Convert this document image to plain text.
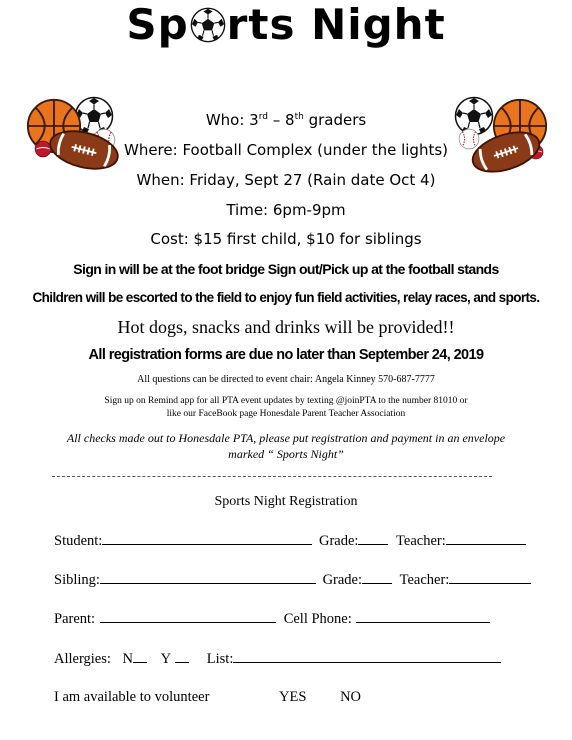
Sp rts Night
Who: 3rd – 8th graders
Where: Football Complex (under the lights)
When: Friday, Sept 27 (Rain date Oct 4)
Time: 6pm-9pm
Cost: $15 first child, $10 for siblings
Sign in will be at the foot bridge Sign out/Pick up at the football stands
Children will be escorted to the field to enjoy fun field activities, relay races, and sports.
Hot dogs, snacks and drinks will be provided!!
All registration forms are due no later than September 24, 2019
All questions can be directed to event chair: Angela Kinney 570-687-7777
Sign up on Remind app for all PTA event updates by texting @joinPTA to the number 81010 or
like our FaceBook page Honesdale Parent Teacher Association
All checks made out to Honesdale PTA, please put registration and payment in an envelope
marked “ Sports Night”
Sports Night Registration
Student:	Grade:	Teacher:
Sibling:	Grade:	Teacher:
Parent:	Cell Phone:
Allergies: N Y List:
I am available to volunteer	YES NO
